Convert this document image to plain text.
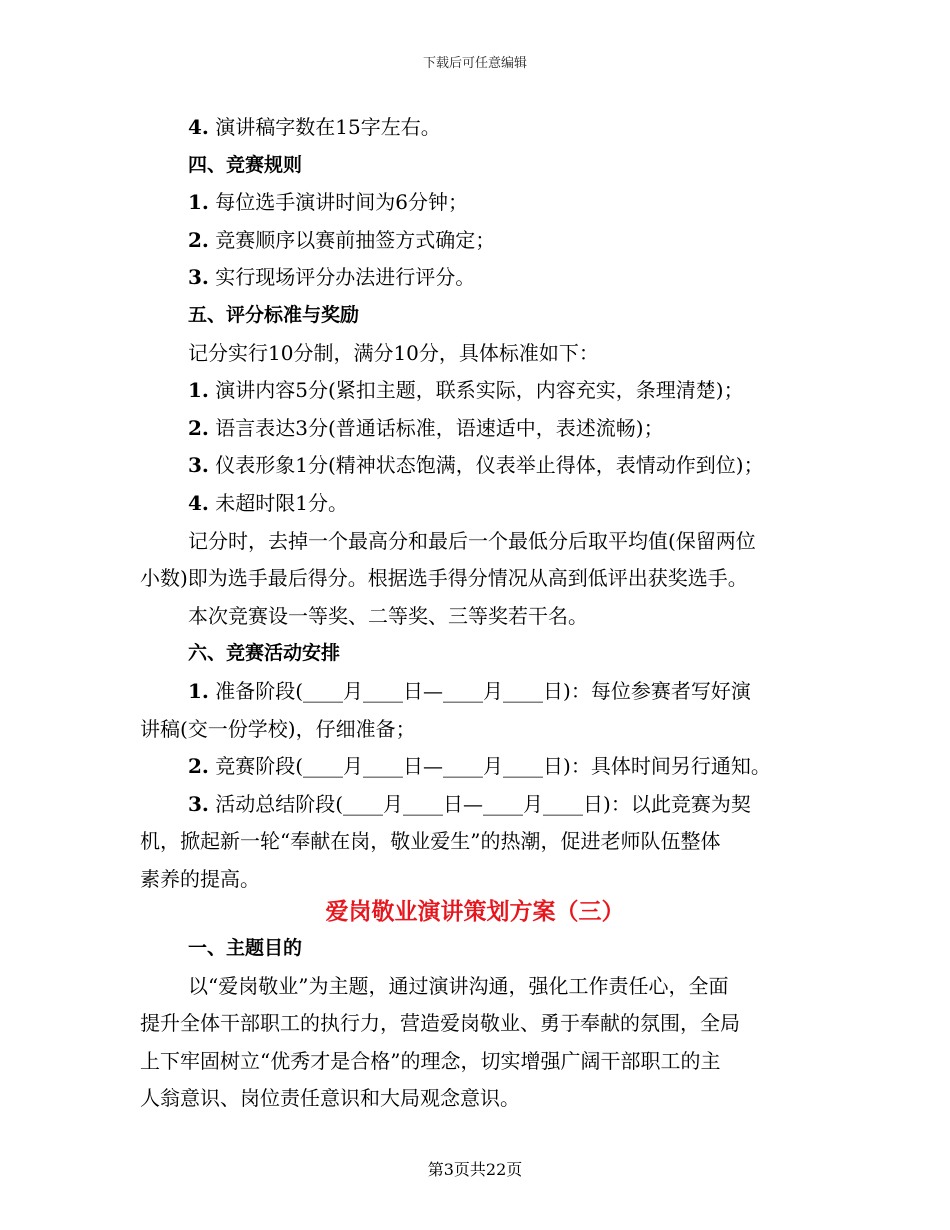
下载后可任意编辑
4. 演讲稿字数在15字左右。
四、竞赛规则
1. 每位选手演讲时间为6分钟；
2. 竞赛顺序以赛前抽签方式确定；
3. 实行现场评分办法进行评分。
五、评分标准与奖励
记分实行10分制，满分10分，具体标准如下：
1. 演讲内容5分(紧扣主题，联系实际，内容充实，条理清楚)；
2. 语言表达3分(普通话标准，语速适中，表述流畅)；
3. 仪表形象1分(精神状态饱满，仪表举止得体，表情动作到位)；
4. 未超时限1分。
记分时，去掉一个最高分和最后一个最低分后取平均值(保留两位
小数)即为选手最后得分。根据选手得分情况从高到低评出获奖选手。
本次竞赛设一等奖、二等奖、三等奖若干名。
六、竞赛活动安排
1. 准备阶段(____月____日—____月____日)：每位参赛者写好演
讲稿(交一份学校)，仔细准备；
2. 竞赛阶段(____月____日—____月____日)：具体时间另行通知。
3. 活动总结阶段(____月____日—____月____日)：以此竞赛为契
机，掀起新一轮“奉献在岗，敬业爱生”的热潮，促进老师队伍整体
素养的提高。
爱岗敬业演讲策划方案（三）
一、主题目的
以“爱岗敬业”为主题，通过演讲沟通，强化工作责任心，全面
提升全体干部职工的执行力，营造爱岗敬业、勇于奉献的氛围，全局
上下牢固树立“优秀才是合格”的理念，切实增强广阔干部职工的主
人翁意识、岗位责任意识和大局观念意识。
第3页共22页
